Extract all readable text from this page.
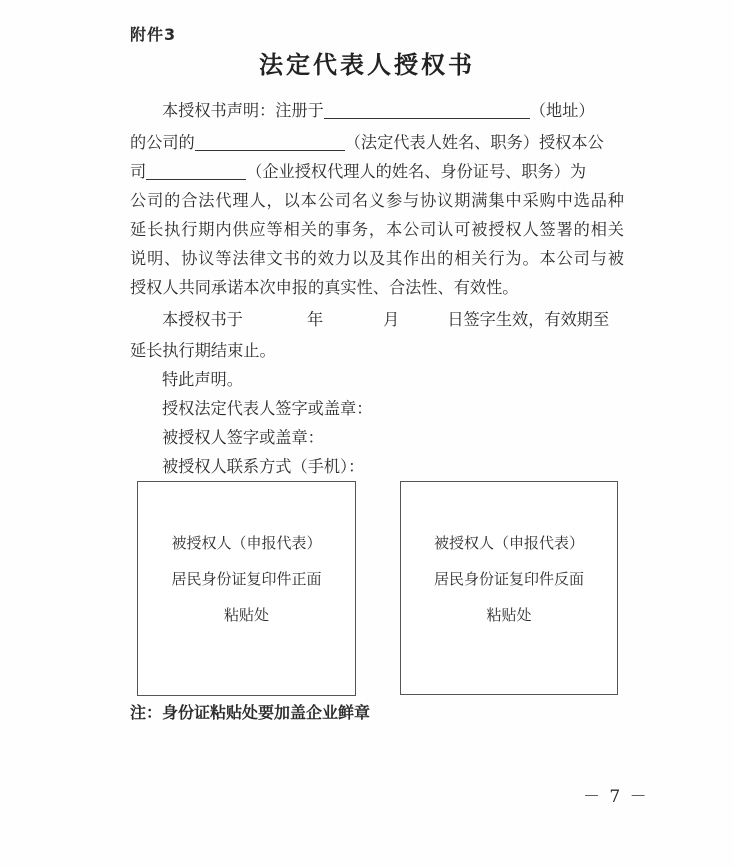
附件3
法定代表人授权书
本授权书声明：注册于	（地址）
的公司的	（法定代表人姓名、职务）授权本公
司	（企业授权代理人的姓名、身份证号、职务）为
公司的合法代理人，以本公司名义参与协议期满集中采购中选品种
延长执行期内供应等相关的事务，本公司认可被授权人签署的相关
说明、协议等法律文书的效力以及其作出的相关行为。本公司与被
授权人共同承诺本次申报的真实性、合法性、有效性。
本授权书于	年	月	日签字生效，有效期至
延长执行期结束止。
特此声明。
授权法定代表人签字或盖章：
被授权人签字或盖章：
被授权人联系方式（手机）：
被授权人（申报代表）
居民身份证复印件正面
粘贴处
被授权人（申报代表）
居民身份证复印件反面
粘贴处
注：身份证粘贴处要加盖企业鲜章
－ 7 －
